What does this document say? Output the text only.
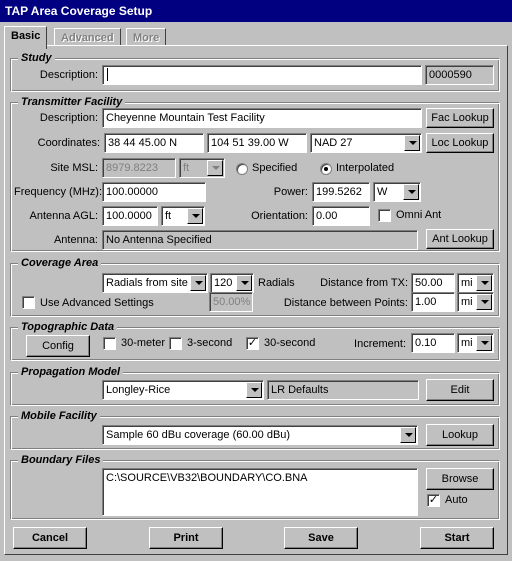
TAP Area Coverage Setup
Basic	Advanced	More
Study
Description:	0000590
Transmitter Facility
Description: Cheyenne Mountain Test Facility	Fac Lookup
Coordinates: 38 44 45.00 N	104 51 39.00 W	NAD 27	Loc Lookup
Site MSL: 8979.8223	ft	Specified	Interpolated
Frequency (MHz): 100.00000	Power: 199.5262	W
Antenna AGL: 100.0000	ft	Orientation: 0.00	Omni Ant
Antenna: No Antenna Specified	Ant Lookup
Coverage Area
Radials from site 120 Radials	Distance from TX: 50.00	mi
Use Advanced Settings	50.00%	Distance between Points: 1.00	mi
Topographic Data
Config	30-meter 3-second ✓ 30-second	Increment: 0.10	mi
Propagation Model
Longley-Rice	LR Defaults	Edit
Mobile Facility
Sample 60 dBu coverage (60.00 dBu)	Lookup
Boundary Files
C:\SOURCE\VB32\BOUNDARY\CO.BNA	Browse
✓ Auto
Cancel	Print	Save	Start
